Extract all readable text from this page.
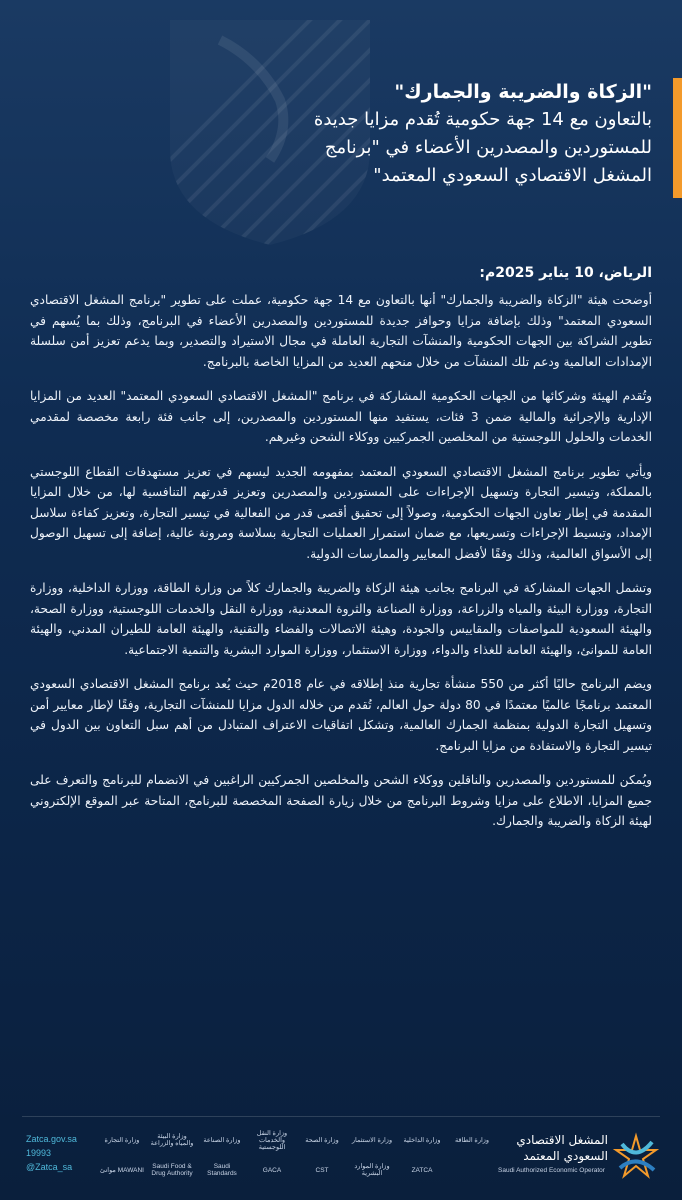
"الزكاة والضريبة والجمارك"

بالتعاون مع 14 جهة حكومية تُقدم مزايا جديدة

للمستوردين والمصدرين الأعضاء في "برنامج

المشغل الاقتصادي السعودي المعتمد"

الرياض، 10 يناير 2025م:

أوضحت هيئة "الزكاة والضريبة والجمارك" أنها بالتعاون مع 14 جهة حكومية، عملت على تطوير "برنامج المشغل الاقتصادي السعودي المعتمد" وذلك بإضافة مزايا وحوافز جديدة للمستوردين والمصدرين الأعضاء في البرنامج، وذلك بما يُسهم في تطوير الشراكة بين الجهات الحكومية والمنشآت التجارية العاملة في مجال الاستيراد والتصدير، وبما يدعم تعزيز أمن سلسلة الإمدادات العالمية ودعم تلك المنشآت من خلال منحهم العديد من المزايا الخاصة بالبرنامج.

وتُقدم الهيئة وشركائها من الجهات الحكومية المشاركة في برنامج "المشغل الاقتصادي السعودي المعتمد" العديد من المزايا الإدارية والإجرائية والمالية ضمن 3 فئات، يستفيد منها المستوردين والمصدرين، إلى جانب فئة رابعة مخصصة لمقدمي الخدمات والحلول اللوجستية من المخلصين الجمركيين ووكلاء الشحن وغيرهم.

ويأتي تطوير برنامج المشغل الاقتصادي السعودي المعتمد بمفهومه الجديد ليسهم في تعزيز مستهدفات القطاع اللوجستي بالمملكة، وتيسير التجارة وتسهيل الإجراءات على المستوردين والمصدرين وتعزيز قدرتهم التنافسية لها، من خلال المزايا المقدمة في إطار تعاون الجهات الحكومية، وصولاً إلى تحقيق أقصى قدر من الفعالية في تيسير التجارة، وتعزيز كفاءة سلاسل الإمداد، وتبسيط الإجراءات وتسريعها، مع ضمان استمرار العمليات التجارية بسلاسة ومرونة عالية، إضافة إلى تسهيل الوصول إلى الأسواق العالمية، وذلك وفقًا لأفضل المعايير والممارسات الدولية.

وتشمل الجهات المشاركة في البرنامج بجانب هيئة الزكاة والضريبة والجمارك كلاً من وزارة الطاقة، ووزارة الداخلية، ووزارة التجارة، ووزارة البيئة والمياه والزراعة، ووزارة الصناعة والثروة المعدنية، ووزارة النقل والخدمات اللوجستية، ووزارة الصحة، والهيئة السعودية للمواصفات والمقاييس والجودة، وهيئة الاتصالات والفضاء والتقنية، والهيئة العامة للطيران المدني، والهيئة العامة للموانئ، والهيئة العامة للغذاء والدواء، ووزارة الاستثمار، ووزارة الموارد البشرية والتنمية الاجتماعية.

ويضم البرنامج حاليًا أكثر من 550 منشأة تجارية منذ إطلاقه في عام 2018م حيث يُعد برنامج المشغل الاقتصادي السعودي المعتمد برنامجًا عالميًا معتمدًا في 80 دولة حول العالم، تُقدم من خلاله الدول مزايا للمنشآت التجارية، وفقًا لإطار معايير أمن وتسهيل التجارة الدولية بمنظمة الجمارك العالمية، وتشكل اتفاقيات الاعتراف المتبادل من أهم سبل التعاون بين الدول في تيسير التجارة والاستفادة من مزايا البرنامج.

ويُمكن للمستوردين والمصدرين والناقلين ووكلاء الشحن والمخلصين الجمركيين الراغبين في الانضمام للبرنامج والتعرف على جميع المزايا، الاطلاع على مزايا وشروط البرنامج من خلال زيارة الصفحة المخصصة للبرنامج، المتاحة عبر الموقع الإلكتروني لهيئة الزكاة والضريبة والجمارك.

Zatca.gov.sa
19993
@Zatca_sa
وزارة التجارة	وزارة البيئة والمياه والزراعة	وزارة الصناعة
وزارة النقل والخدمات اللوجستية
وزارة الصحة	وزارة الاستثمار	وزارة الداخلية	وزارة الطاقة
موانئ MAWANI	Saudi Food & Drug Authority
Saudi Standards	GACA	CST	وزارة الموارد البشرية	ZATCA
المشغل الاقتصادي
السعودي المعتمد
Saudi Authorized Economic Operator
